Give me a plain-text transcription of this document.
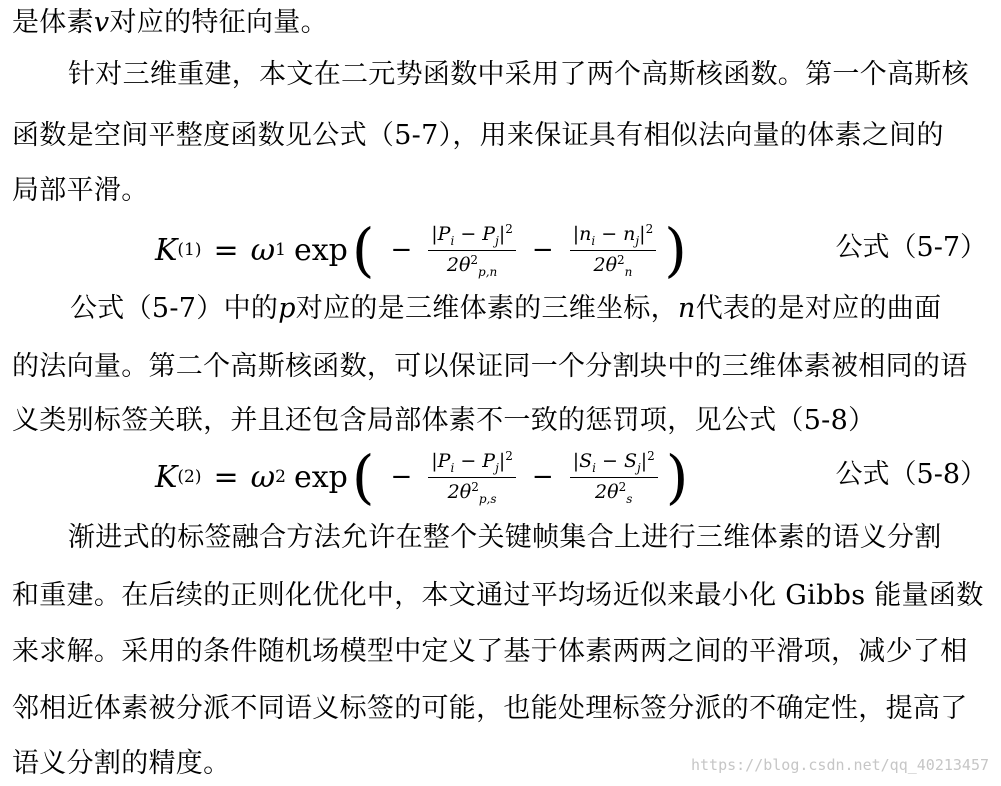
是体素v对应的特征向量。
针对三维重建，本文在二元势函数中采用了两个高斯核函数。第一个高斯核
函数是空间平整度函数见公式（5-7），用来保证具有相似法向量的体素之间的
局部平滑。
K (1) = ω 1 exp ( − $\frac{|P_i - P_j|^2}{2\theta^2_{p,n}} - \frac{|n_i - n_j|^2}{2\theta^2_n}$ )	公式（5-7）
公式（5-7）中的p对应的是三维体素的三维坐标，n代表的是对应的曲面
的法向量。第二个高斯核函数，可以保证同一个分割块中的三维体素被相同的语
义类别标签关联，并且还包含局部体素不一致的惩罚项，见公式（5-8）
K (2) = ω 2 exp ( − $\frac{|P_i - P_j|^2}{2\theta^2_{p,s}} - \frac{|S_i - S_j|^2}{2\theta^2_s}$ )	公式（5-8）
渐进式的标签融合方法允许在整个关键帧集合上进行三维体素的语义分割
和重建。在后续的正则化优化中，本文通过平均场近似来最小化 Gibbs 能量函数
来求解。采用的条件随机场模型中定义了基于体素两两之间的平滑项，减少了相
邻相近体素被分派不同语义标签的可能，也能处理标签分派的不确定性，提高了
语义分割的精度。	https://blog.csdn.net/qq_40213457
